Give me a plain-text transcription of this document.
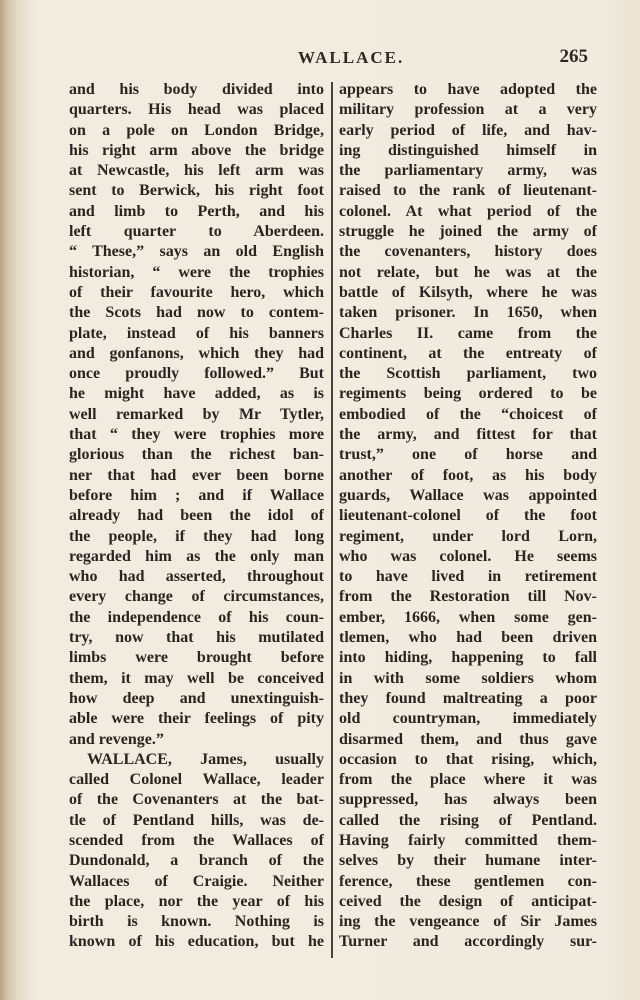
WALLACE.	265
and his body divided into
quarters. His head was placed
on a pole on London Bridge,
his right arm above the bridge
at Newcastle, his left arm was
sent to Berwick, his right foot
and limb to Perth, and his
left quarter to Aberdeen.
“ These,” says an old English
historian, “ were the trophies
of their favourite hero, which
the Scots had now to contem-
plate, instead of his banners
and gonfanons, which they had
once proudly followed.” But
he might have added, as is
well remarked by Mr Tytler,
that “ they were trophies more
glorious than the richest ban-
ner that had ever been borne
before him ; and if Wallace
already had been the idol of
the people, if they had long
regarded him as the only man
who had asserted, throughout
every change of circumstances,
the independence of his coun-
try, now that his mutilated
limbs were brought before
them, it may well be conceived
how deep and unextinguish-
able were their feelings of pity
and revenge.”
WALLACE, James, usually
called Colonel Wallace, leader
of the Covenanters at the bat-
tle of Pentland hills, was de-
scended from the Wallaces of
Dundonald, a branch of the
Wallaces of Craigie. Neither
the place, nor the year of his
birth is known. Nothing is
known of his education, but he
appears to have adopted the
military profession at a very
early period of life, and hav-
ing distinguished himself in
the parliamentary army, was
raised to the rank of lieutenant-
colonel. At what period of the
struggle he joined the army of
the covenanters, history does
not relate, but he was at the
battle of Kilsyth, where he was
taken prisoner. In 1650, when
Charles II. came from the
continent, at the entreaty of
the Scottish parliament, two
regiments being ordered to be
embodied of the “choicest of
the army, and fittest for that
trust,” one of horse and
another of foot, as his body
guards, Wallace was appointed
lieutenant-colonel of the foot
regiment, under lord Lorn,
who was colonel. He seems
to have lived in retirement
from the Restoration till Nov-
ember, 1666, when some gen-
tlemen, who had been driven
into hiding, happening to fall
in with some soldiers whom
they found maltreating a poor
old countryman, immediately
disarmed them, and thus gave
occasion to that rising, which,
from the place where it was
suppressed, has always been
called the rising of Pentland.
Having fairly committed them-
selves by their humane inter-
ference, these gentlemen con-
ceived the design of anticipat-
ing the vengeance of Sir James
Turner and accordingly sur-
